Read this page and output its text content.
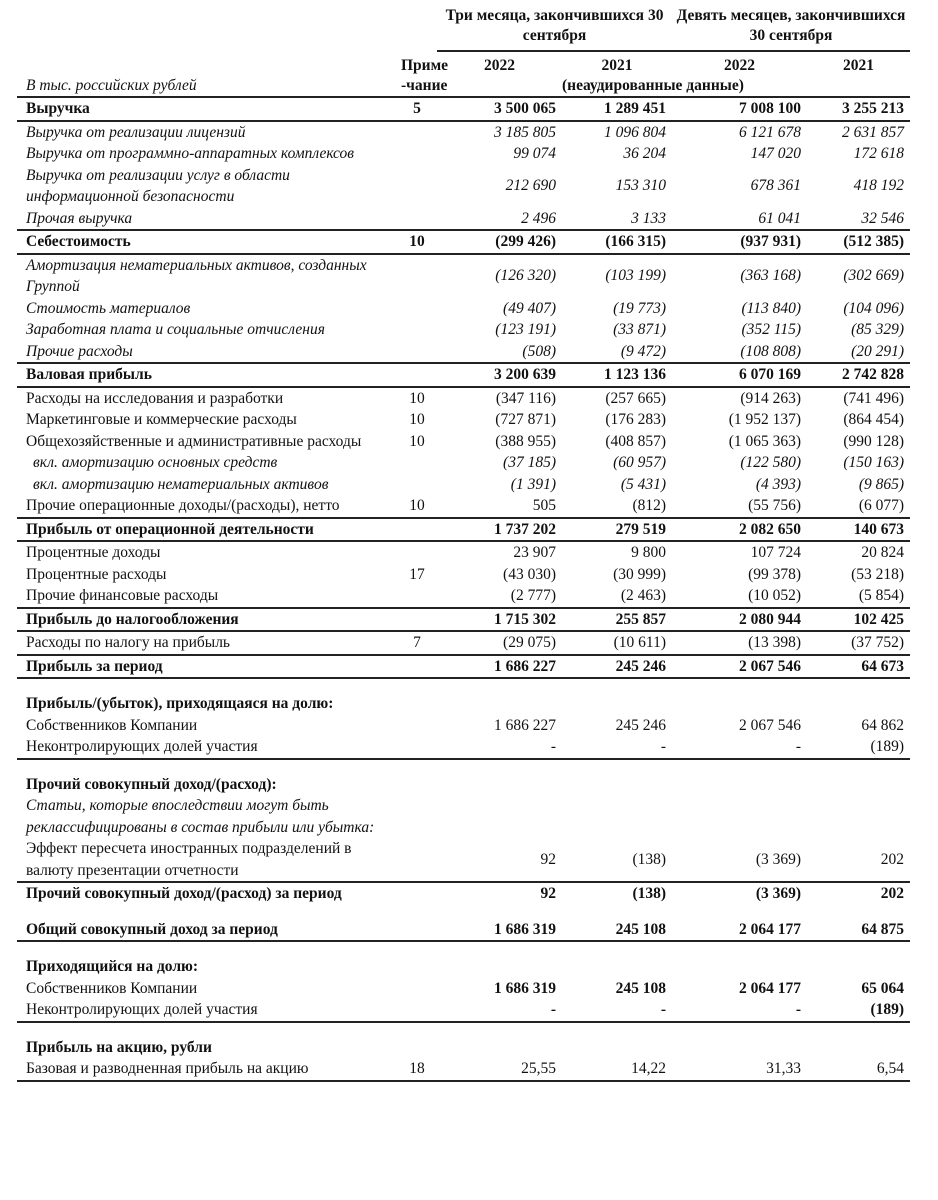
		Три месяца, закончившихся 30 сентября		Девять месяцев, закончившихся 30 сентября	
	Приме	2022	2021	2022	2021
В тыс. российских рублей	-чание		(неаудированные данные)		
Выручка	5	3 500 065	1 289 451	7 008 100	3 255 213
Выручка от реализации лицензий		3 185 805	1 096 804	6 121 678	2 631 857
Выручка от программно-аппаратных комплексов		99 074	36 204	147 020	172 618
Выручка от реализации услуг в области информационной безопасности		212 690	153 310	678 361	418 192
Прочая выручка		2 496	3 133	61 041	32 546
Себестоимость	10	(299 426)	(166 315)	(937 931)	(512 385)
Амортизация нематериальных активов, созданных Группой		(126 320)	(103 199)	(363 168)	(302 669)
Стоимость материалов		(49 407)	(19 773)	(113 840)	(104 096)
Заработная плата и социальные отчисления		(123 191)	(33 871)	(352 115)	(85 329)
Прочие расходы		(508)	(9 472)	(108 808)	(20 291)
Валовая прибыль		3 200 639	1 123 136	6 070 169	2 742 828
Расходы на исследования и разработки	10	(347 116)	(257 665)	(914 263)	(741 496)
Маркетинговые и коммерческие расходы	10	(727 871)	(176 283)	(1 952 137)	(864 454)
Общехозяйственные и административные расходы	10	(388 955)	(408 857)	(1 065 363)	(990 128)
вкл. амортизацию основных средств		(37 185)	(60 957)	(122 580)	(150 163)
вкл. амортизацию нематериальных активов		(1 391)	(5 431)	(4 393)	(9 865)
Прочие операционные доходы/(расходы), нетто	10	505	(812)	(55 756)	(6 077)
Прибыль от операционной деятельности		1 737 202	279 519	2 082 650	140 673
Процентные доходы		23 907	9 800	107 724	20 824
Процентные расходы	17	(43 030)	(30 999)	(99 378)	(53 218)
Прочие финансовые расходы		(2 777)	(2 463)	(10 052)	(5 854)
Прибыль до налогообложения		1 715 302	255 857	2 080 944	102 425
Расходы по налогу на прибыль	7	(29 075)	(10 611)	(13 398)	(37 752)
Прибыль за период		1 686 227	245 246	2 067 546	64 673
Прибыль/(убыток), приходящаяся на долю:					
Собственников Компании		1 686 227	245 246	2 067 546	64 862
Неконтролирующих долей участия		-	-	-	(189)
Прочий совокупный доход/(расход):					
Статьи, которые впоследствии могут быть реклассифицированы в состав прибыли или убытка:					
Эффект пересчета иностранных подразделений в валюту презентации отчетности		92	(138)	(3 369)	202
Прочий совокупный доход/(расход) за период		92	(138)	(3 369)	202
Общий совокупный доход за период		1 686 319	245 108	2 064 177	64 875
Приходящийся на долю:					
Собственников Компании		1 686 319	245 108	2 064 177	65 064
Неконтролирующих долей участия		-	-	-	(189)
Прибыль на акцию, рубли					
Базовая и разводненная прибыль на акцию	18	25,55	14,22	31,33	6,54
